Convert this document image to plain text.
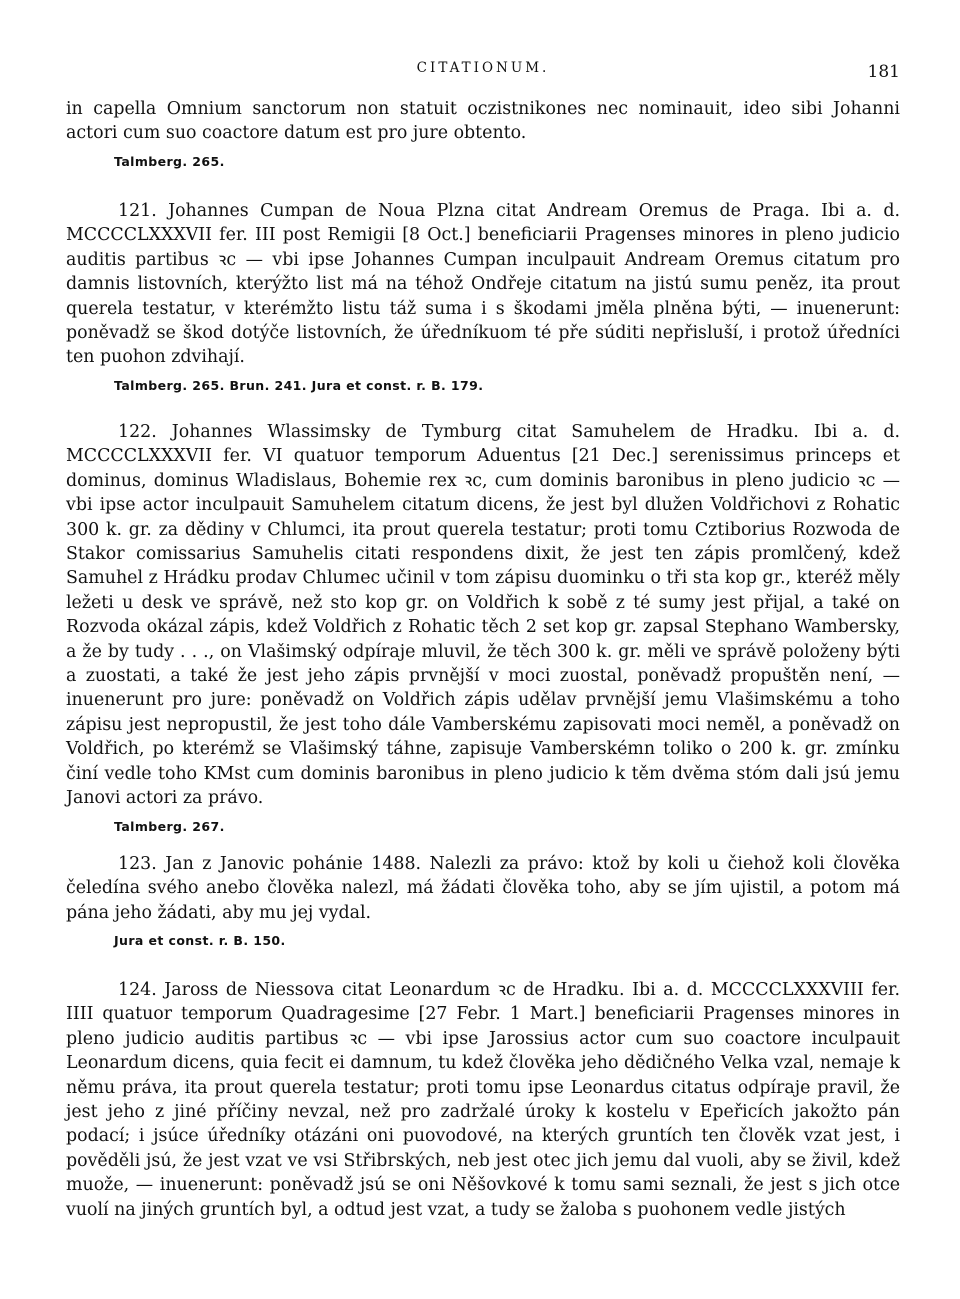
CITATIONUM.	181

in capella Omnium sanctorum non statuit oczistnikones nec nominauit, ideo sibi Johanni actori cum suo coactore datum est pro jure obtento.

Talmberg. 265.

121. Johannes Cumpan de Noua Plzna citat Andream Oremus de Praga. Ibi a. d. MCCCCLXXXVII fer. III post Remigii [8 Oct.] beneficiarii Pragenses minores in pleno judicio auditis partibus ꝛc — vbi ipse Johannes Cumpan inculpauit Andream Oremus citatum pro damnis listovních, kterýžto list má na téhož Ondřeje citatum na jistú sumu peněz, ita prout querela testatur, v kterémžto listu táž suma i s škodami jměla plněna býti, — inuenerunt: poněvadž se škod dotýče listovních, že úředníkuom té pře súditi nepřisluší, i protož úředníci ten puohon zdvihají.

Talmberg. 265. Brun. 241. Jura et const. r. B. 179.

122. Johannes Wlassimsky de Tymburg citat Samuhelem de Hradku. Ibi a. d. MCCCCLXXXVII fer. VI quatuor temporum Aduentus [21 Dec.] serenissimus princeps et dominus, dominus Wladislaus, Bohemie rex ꝛc, cum dominis baronibus in pleno judicio ꝛc — vbi ipse actor inculpauit Samuhelem citatum dicens, že jest byl dlužen Voldřichovi z Rohatic 300 k. gr. za dědiny v Chlumci, ita prout querela testatur; proti tomu Cztiborius Rozwoda de Stakor comissarius Samuhelis citati respondens dixit, že jest ten zápis promlčený, kdež Samuhel z Hrádku prodav Chlumec učinil v tom zápisu duominku o tři sta kop gr., kteréž měly ležeti u desk ve správě, než sto kop gr. on Voldřich k sobě z té sumy jest přijal, a také on Rozvoda okázal zápis, kdež Voldřich z Rohatic těch 2 set kop gr. zapsal Stephano Wambersky, a že by tudy . . ., on Vlašimský odpíraje mluvil, že těch 300 k. gr. měli ve správě položeny býti a zuostati, a také že jest jeho zápis prvnější v moci zuostal, poněvadž propuštěn není, — inuenerunt pro jure: poněvadž on Voldřich zápis udělav prvnější jemu Vlašimskému a toho zápisu jest nepropustil, že jest toho dále Vamberskému zapisovati moci neměl, a poněvadž on Voldřich, po kterémž se Vlašimský táhne, zapisuje Vamberskémn toliko o 200 k. gr. zmínku činí vedle toho KMst cum dominis baronibus in pleno judicio k těm dvěma stóm dali jsú jemu Janovi actori za právo.

Talmberg. 267.

123. Jan z Janovic pohánie 1488. Nalezli za právo: ktož by koli u čiehož koli člověka čeledína svého anebo člověka nalezl, má žádati člověka toho, aby se jím ujistil, a potom má pána jeho žádati, aby mu jej vydal.

Jura et const. r. B. 150.

124. Jaross de Niessova citat Leonardum ꝛc de Hradku. Ibi a. d. MCCCCLXXXVIII fer. IIII quatuor temporum Quadragesime [27 Febr. 1 Mart.] beneficiarii Pragenses minores in pleno judicio auditis partibus ꝛc — vbi ipse Jarossius actor cum suo coactore inculpauit Leonardum dicens, quia fecit ei damnum, tu kdež člověka jeho dědičného Velka vzal, nemaje k němu práva, ita prout querela testatur; proti tomu ipse Leonardus citatus odpíraje pravil, že jest jeho z jiné příčiny nevzal, než pro zadržalé úroky k kostelu v Epeřicích jakožto pán podací; i jsúce úředníky otázáni oni puovodové, na kterých gruntích ten člověk vzat jest, i pověděli jsú, že jest vzat ve vsi Střibrských, neb jest otec jich jemu dal vuoli, aby se živil, kdež muože, — inuenerunt: poněvadž jsú se oni Něšovkové k tomu sami seznali, že jest s jich otce vuolí na jiných gruntích byl, a odtud jest vzat, a tudy se žaloba s puohonem vedle jistých
